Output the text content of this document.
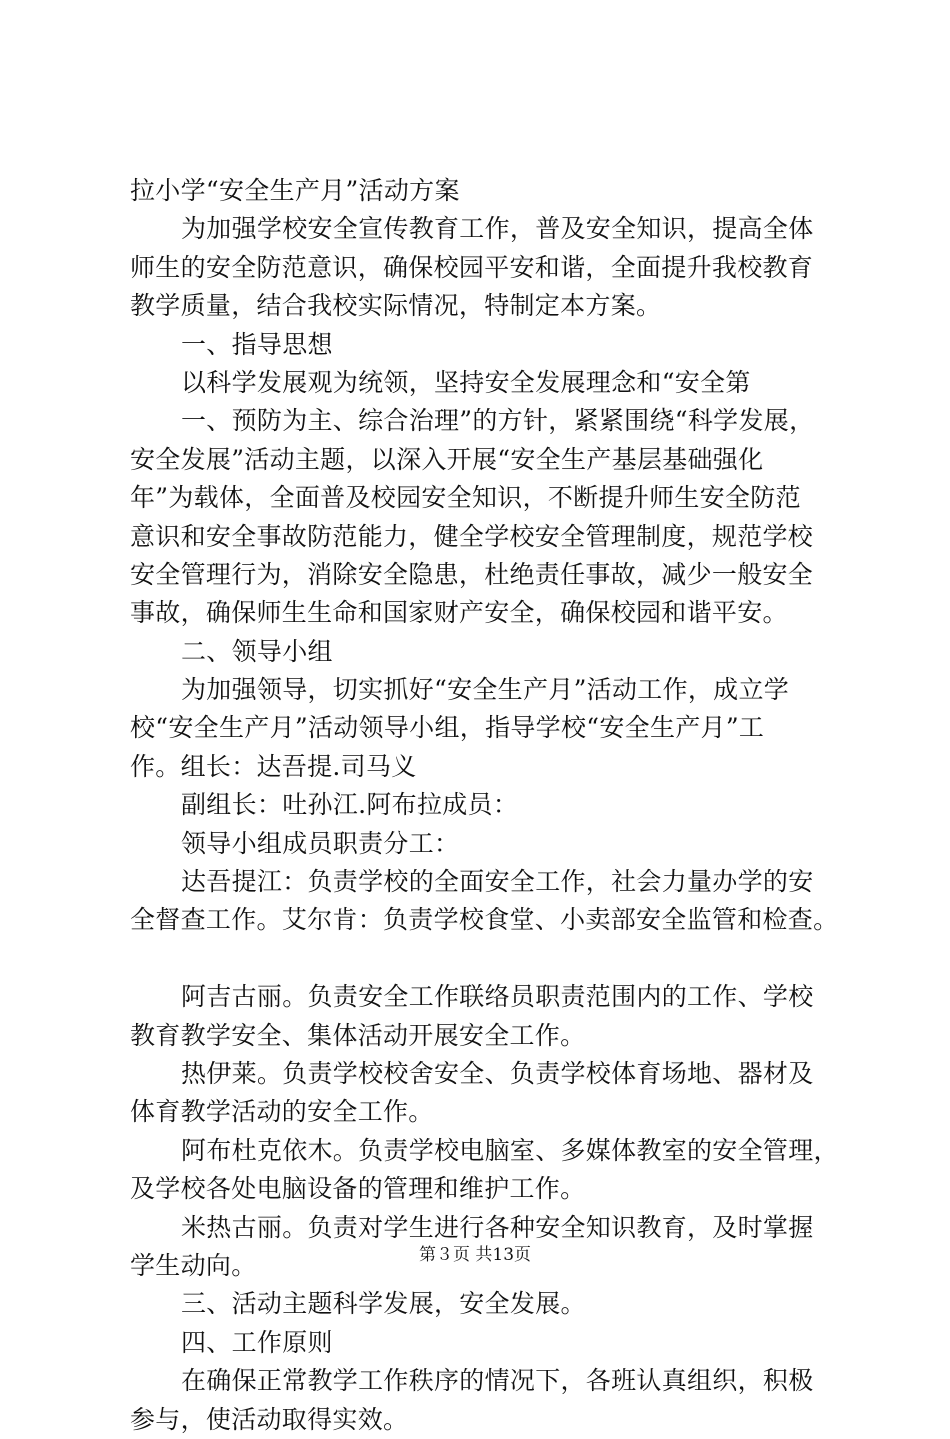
拉小学“安全生产月”活动方案
为加强学校安全宣传教育工作，普及安全知识，提高全体
师生的安全防范意识，确保校园平安和谐，全面提升我校教育
教学质量，结合我校实际情况，特制定本方案。
一、指导思想
以科学发展观为统领，坚持安全发展理念和“安全第
一、预防为主、综合治理”的方针，紧紧围绕“科学发展，
安全发展”活动主题，以深入开展“安全生产基层基础强化
年”为载体，全面普及校园安全知识，不断提升师生安全防范
意识和安全事故防范能力，健全学校安全管理制度，规范学校
安全管理行为，消除安全隐患，杜绝责任事故，减少一般安全
事故，确保师生生命和国家财产安全，确保校园和谐平安。
二、领导小组
为加强领导，切实抓好“安全生产月”活动工作，成立学
校“安全生产月”活动领导小组，指导学校“安全生产月”工
作。组长：达吾提.司马义
副组长：吐孙江.阿布拉成员：
领导小组成员职责分工：
达吾提江：负责学校的全面安全工作，社会力量办学的安
全督查工作。艾尔肯：负责学校食堂、小卖部安全监管和检查。
阿吉古丽。负责安全工作联络员职责范围内的工作、学校
教育教学安全、集体活动开展安全工作。
热伊莱。负责学校校舍安全、负责学校体育场地、器材及
体育教学活动的安全工作。
阿布杜克依木。负责学校电脑室、多媒体教室的安全管理，
及学校各处电脑设备的管理和维护工作。
米热古丽。负责对学生进行各种安全知识教育，及时掌握
学生动向。
三、活动主题科学发展，安全发展。
四、工作原则
在确保正常教学工作秩序的情况下，各班认真组织，积极
参与，使活动取得实效。
第３页 共13页
